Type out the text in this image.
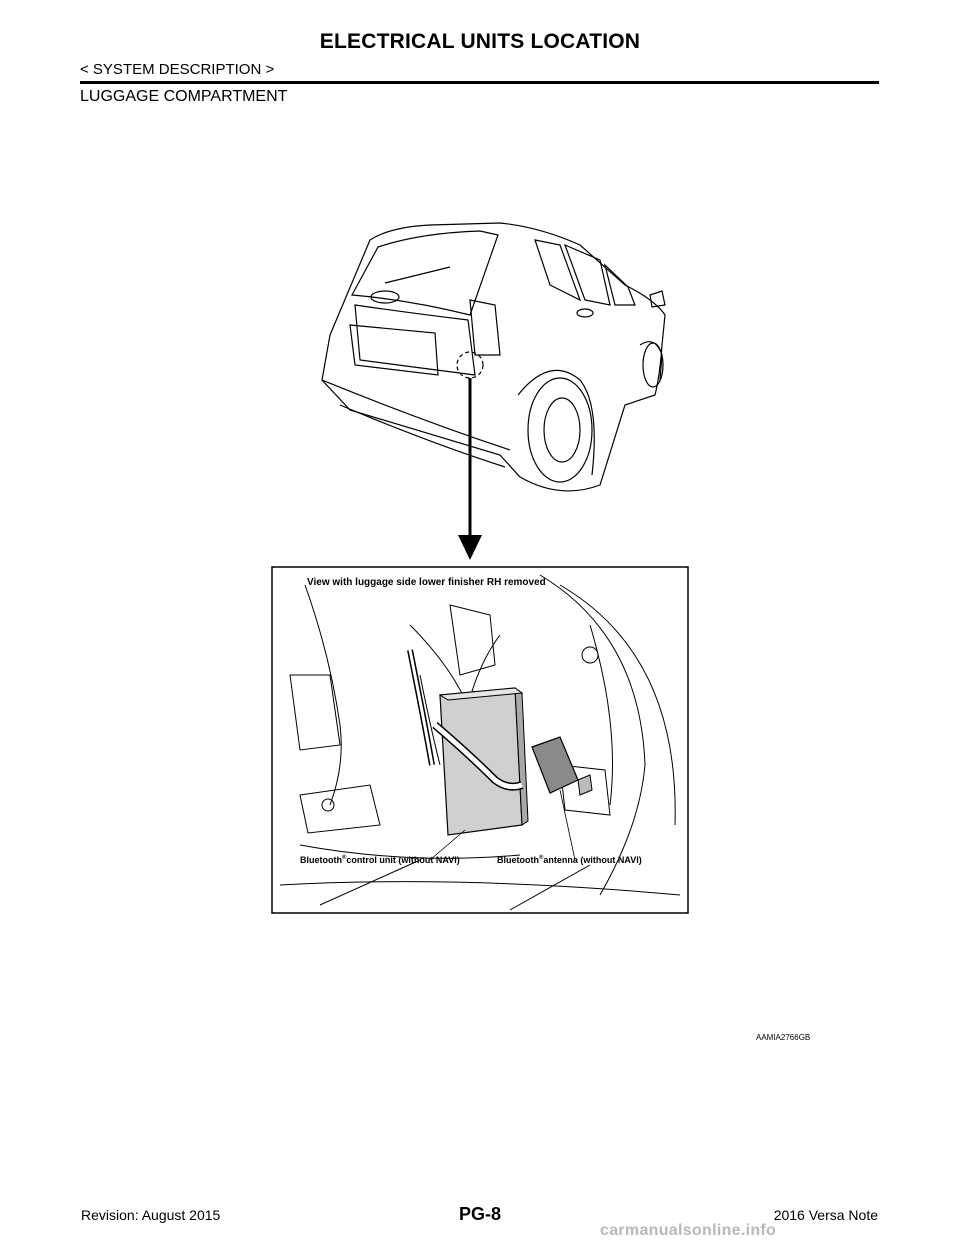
ELECTRICAL UNITS LOCATION
< SYSTEM DESCRIPTION >
LUGGAGE COMPARTMENT
View with luggage side lower finisher RH removed
Bluetooth®control unit (without NAVI)	Bluetooth®antenna (without NAVI)
AAMIA2766GB
Revision: August 2015	PG-8	2016 Versa Note
carmanualsonline.info
